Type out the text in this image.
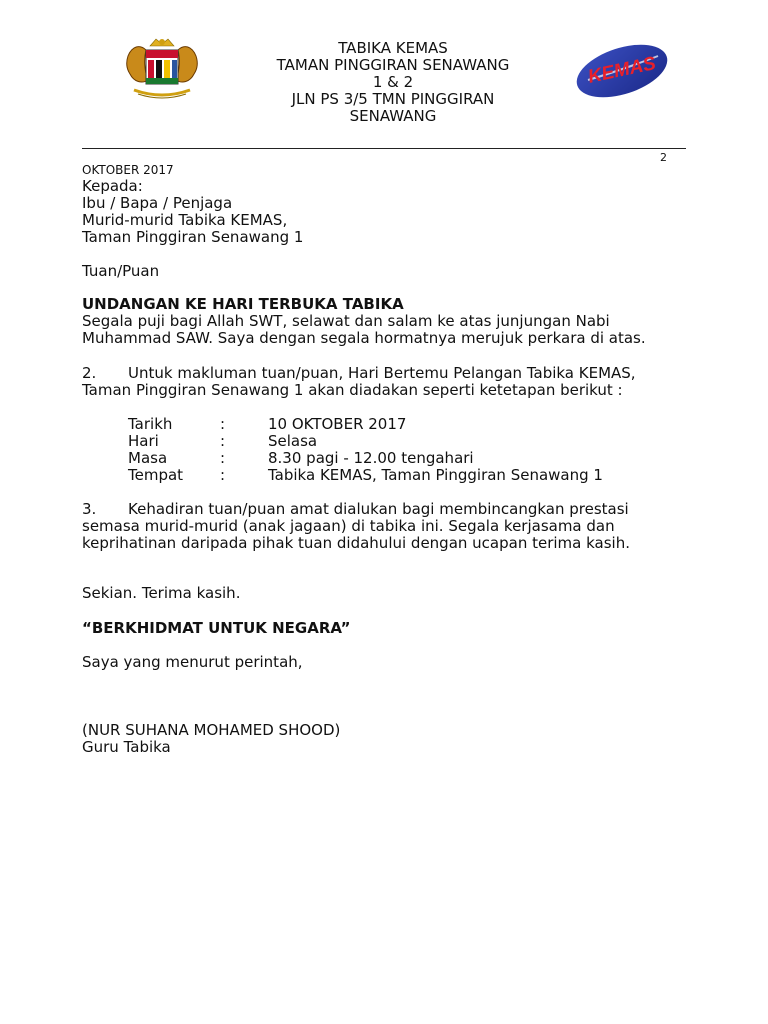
TABIKA KEMAS
TAMAN PINGGIRAN SENAWANG
1 & 2
JLN PS 3/5 TMN PINGGIRAN
SENAWANG
KEMAS
2
OKTOBER 2017
Kepada:
Ibu / Bapa / Penjaga
Murid-murid Tabika KEMAS,
Taman Pinggiran Senawang 1
Tuan/Puan
UNDANGAN KE HARI TERBUKA TABIKA
Segala puji bagi Allah SWT, selawat dan salam ke atas junjungan Nabi
Muhammad SAW. Saya dengan segala hormatnya merujuk perkara di atas.
2. Untuk makluman tuan/puan, Hari Bertemu Pelangan Tabika KEMAS,
Taman Pinggiran Senawang 1 akan diadakan seperti ketetapan berikut :
Tarikh	:	10 OKTOBER 2017
Hari	:	Selasa
Masa	:	8.30 pagi - 12.00 tengahari
Tempat :	Tabika KEMAS, Taman Pinggiran Senawang 1
3. Kehadiran tuan/puan amat dialukan bagi membincangkan prestasi
semasa murid-murid (anak jagaan) di tabika ini. Segala kerjasama dan
keprihatinan daripada pihak tuan didahului dengan ucapan terima kasih.
Sekian. Terima kasih.
“BERKHIDMAT UNTUK NEGARA”
Saya yang menurut perintah,
(NUR SUHANA MOHAMED SHOOD)
Guru Tabika
